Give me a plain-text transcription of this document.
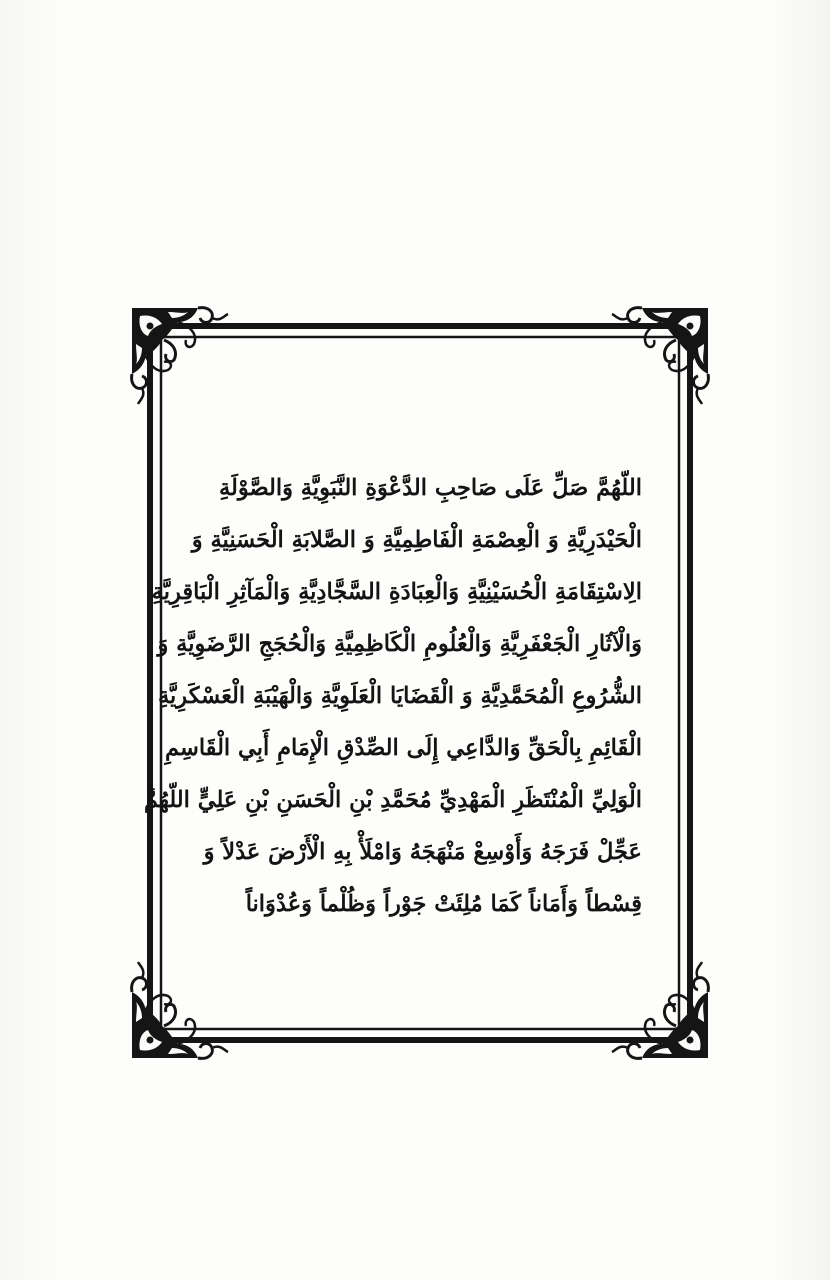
اللّهُمَّ صَلِّ عَلَى صَاحِبِ الدَّعْوَةِ النَّبَوِيَّةِ وَالصَّوْلَةِ
الْحَيْدَرِيَّةِ وَ الْعِصْمَةِ الْفَاطِمِيَّةِ وَ الصَّلابَةِ الْحَسَنِيَّةِ وَ
الِاسْتِقَامَةِ الْحُسَيْنِيَّةِ وَالْعِبَادَةِ السَّجَّادِيَّةِ وَالْمَآثِرِ الْبَاقِرِيَّةِ
وَالْآثَارِ الْجَعْفَرِيَّةِ وَالْعُلُومِ الْكَاظِمِيَّةِ وَالْحُجَجِ الرَّضَوِيَّةِ وَ
الشُّرُوعِ الْمُحَمَّدِيَّةِ وَ الْقَضَايَا الْعَلَوِيَّةِ وَالْهَيْبَةِ الْعَسْكَرِيَّةِ
الْقَائِمِ بِالْحَقِّ وَالدَّاعِي إِلَى الصِّدْقِ الْإِمَامِ أَبِي الْقَاسِمِ
الْوَلِيِّ الْمُنْتَظَرِ الْمَهْدِيِّ مُحَمَّدِ بْنِ الْحَسَنِ بْنِ عَلِيٍّ اللّهُمَّ
عَجِّلْ فَرَجَهُ وَأَوْسِعْ مَنْهَجَهُ وَامْلَأْ بِهِ الْأَرْضَ عَدْلاً وَ
قِسْطاً وَأَمَاناً كَمَا مُلِئَتْ جَوْراً وَظُلْماً وَعُدْوَاناً
